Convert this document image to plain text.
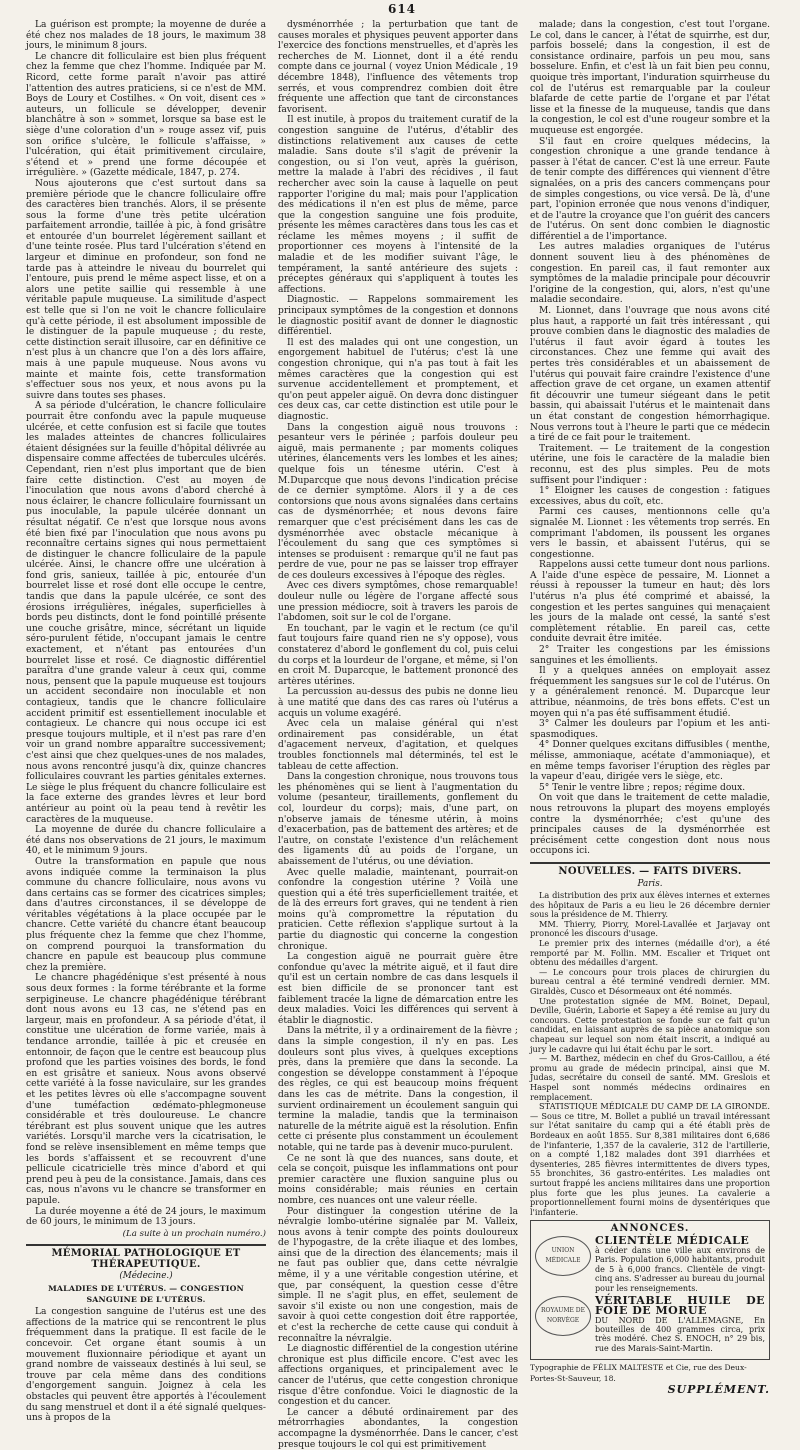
614

La guérison est prompte; la moyenne de durée a été chez nos malades de 18 jours, le maximum 38 jours, le minimum 8 jours.

Le chancre dit folliculaire est bien plus fréquent chez la femme que chez l'homme. Indiquée par M. Ricord, cette forme paraît n'avoir pas attiré l'attention des autres praticiens, si ce n'est de MM. Boys de Loury et Costilhes. « On voit, disent ces » auteurs, un follicule se développer, devenir blanchâtre à son » sommet, lorsque sa base est le siège d'une coloration d'un » rouge assez vif, puis son orifice s'ulcère, le follicule s'affaisse, » l'ulcération, qui était primitivement circulaire, s'étend et » prend une forme découpée et irrégulière. » (Gazette médicale, 1847, p. 274.

Nous ajouterons que c'est surtout dans sa première période que le chancre folliculaire offre des caractères bien tranchés. Alors, il se présente sous la forme d'une très petite ulcération parfaitement arrondie, taillée à pic, à fond grisâtre et entourée d'un bourrelet légèrement saillant et d'une teinte rosée. Plus tard l'ulcération s'étend en largeur et diminue en profondeur, son fond ne tarde pas à atteindre le niveau du bourrelet qui l'entoure, puis prend le même aspect lisse, et on a alors une petite saillie qui ressemble à une véritable papule muqueuse. La similitude d'aspect est telle que si l'on ne voit le chancre folliculaire qu'à cette période, il est absolument impossible de le distinguer de la papule muqueuse ; du reste, cette distinction serait illusoire, car en définitive ce n'est plus à un chancre que l'on a dès lors affaire, mais à une papule muqueuse. Nous avons vu mainte et mainte fois, cette transformation s'effectuer sous nos yeux, et nous avons pu la suivre dans toutes ses phases.

A sa période d'ulcération, le chancre folliculaire pourrait être confondu avec la papule muqueuse ulcérée, et cette confusion est si facile que toutes les malades atteintes de chancres folliculaires étaient désignées sur la feuille d'hôpital délivrée au dispensaire comme affectées de tubercules ulcérés. Cependant, rien n'est plus important que de bien faire cette distinction. C'est au moyen de l'inoculation que nous avons d'abord cherché à nous éclairer, le chancre folliculaire fournissant un pus inoculable, la papule ulcérée donnant un résultat négatif. Ce n'est que lorsque nous avons été bien fixé par l'inoculation que nous avons pu reconnaître certains signes qui nous permettaient de distinguer le chancre folliculaire de la papule ulcérée. Ainsi, le chancre offre une ulcération à fond gris, sanieux, taillée à pic, entourée d'un bourrelet lisse et rosé dont elle occupe le centre, tandis que dans la papule ulcérée, ce sont des érosions irrégulières, inégales, superficielles à bords peu distincts, dont le fond pointillé présente une couche grisâtre, mince, sécrétant un liquide séro-purulent fétide, n'occupant jamais le centre exactement, et n'étant pas entourées d'un bourrelet lisse et rosé. Ce diagnostic différentiel paraîtra d'une grande valeur à ceux qui, comme nous, pensent que la papule muqueuse est toujours un accident secondaire non inoculable et non contagieux, tandis que le chancre folliculaire accident primitif est essentiellement inoculable et contagieux. Le chancre qui nous occupe ici est presque toujours multiple, et il n'est pas rare d'en voir un grand nombre apparaître successivement; c'est ainsi que chez quelques-unes de nos malades, nous avons rencontré jusqu'à dix, quinze chancres folliculaires couvrant les parties génitales externes. Le siège le plus fréquent du chancre folliculaire est la face externe des grandes lèvres et leur bord antérieur au point où la peau tend à revêtir les caractères de la muqueuse.

La moyenne de durée du chancre folliculaire a été dans nos observations de 21 jours, le maximum 40, et le minimum 9 jours.

Outre la transformation en papule que nous avons indiquée comme la terminaison la plus commune du chancre folliculaire, nous avons vu dans certains cas se former des cicatrices simples; dans d'autres circonstances, il se développe de véritables végétations à la place occupée par le chancre. Cette variété du chancre étant beaucoup plus fréquente chez la femme que chez l'homme, on comprend pourquoi la transformation du chancre en papule est beaucoup plus commune chez la première.

Le chancre phagédénique s'est présenté à nous sous deux formes : la forme térébrante et la forme serpigineuse. Le chancre phagédénique térébrant dont nous avons eu 13 cas, ne s'étend pas en largeur, mais en profondeur. A sa période d'état, il constitue une ulcération de forme variée, mais à tendance arrondie, taillée à pic et creusée en entonnoir, de façon que le centre est beaucoup plus profond que les parties voisines des bords, le fond en est grisâtre et sanieux. Nous avons observé cette variété à la fosse naviculaire, sur les grandes et les petites lèvres où elle s'accompagne souvent d'une tuméfaction œdémato-phlegmoneuse considérable et très douloureuse. Le chancre térébrant est plus souvent unique que les autres variétés. Lorsqu'il marche vers la cicatrisation, le fond se relève insensiblement en même temps que les bords s'affaissent et se recouvrent d'une pellicule cicatricielle très mince d'abord et qui prend peu à peu de la consistance. Jamais, dans ces cas, nous n'avons vu le chancre se transformer en papule.

La durée moyenne a été de 24 jours, le maximum de 60 jours, le minimum de 13 jours.

(La suite à un prochain numéro.)
MÉMORIAL PATHOLOGIQUE ET THÉRAPEUTIQUE.
(Médecine.)
MALADIES DE L'UTÉRUS. — CONGESTION SANGUINE DE L'UTÉRUS.

La congestion sanguine de l'utérus est une des affections de la matrice qui se rencontrent le plus fréquemment dans la pratique. Il est facile de le concevoir. Cet organe étant soumis à un mouvement fluxionnaire périodique et ayant un grand nombre de vaisseaux destinés à lui seul, se trouve par cela même dans des conditions d'engorgement sanguin. Joignez à cela les obstacles qui peuvent être apportés à l'écoulement du sang menstruel et dont il a été signalé quelques-uns à propos de la

dysménorrhée ; la perturbation que tant de causes morales et physiques peuvent apporter dans l'exercice des fonctions menstruelles, et d'après les recherches de M. Lionnet, dont il a été rendu compte dans ce journal ( voyez Union Médicale , 19 décembre 1848), l'influence des vêtements trop serrés, et vous comprendrez combien doit être fréquente une affection que tant de circonstances favorisent.

Il est inutile, à propos du traitement curatif de la congestion sanguine de l'utérus, d'établir des distinctions relativement aux causes de cette maladie. Sans doute s'il s'agit de prévenir la congestion, ou si l'on veut, après la guérison, mettre la malade à l'abri des récidives , il faut rechercher avec soin la cause à laquelle on peut rapporter l'origine du mal; mais pour l'application des médications il n'en est plus de même, parce que la congestion sanguine une fois produite, présente les mêmes caractères dans tous les cas et réclame les mêmes moyens ; il suffit de proportionner ces moyens à l'intensité de la maladie et de les modifier suivant l'âge, le tempérament, la santé antérieure des sujets : préceptes généraux qui s'appliquent à toutes les affections.

Diagnostic. — Rappelons sommairement les principaux symptômes de la congestion et donnons le diagnostic positif avant de donner le diagnostic différentiel.

Il est des malades qui ont une congestion, un engorgement habituel de l'utérus; c'est là une congestion chronique, qui n'a pas tout à fait les mêmes caractères que la congestion qui est survenue accidentellement et promptement, et qu'on peut appeler aiguë. On devra donc distinguer ces deux cas, car cette distinction est utile pour le diagnostic.

Dans la congestion aiguë nous trouvons : pesanteur vers le périnée ; parfois douleur peu aiguë, mais permanente ; par moments coliques utérines, élancements vers les lombes et les aines; quelque fois un ténesme utérin. C'est à M.Duparcque que nous devons l'indication précise de ce dernier symptôme. Alors il y a de ces contorsions que nous avons signalées dans certains cas de dysménorrhée; et nous devons faire remarquer que c'est précisément dans les cas de dysménorrhée avec obstacle mécanique à l'écoulement du sang que ces symptômes si intenses se produisent : remarque qu'il ne faut pas perdre de vue, pour ne pas se laisser trop effrayer de ces douleurs excessives à l'époque des règles.

Avec ces divers symptômes, chose remarquable! douleur nulle ou légère de l'organe affecté sous une pression médiocre, soit à travers les parois de l'abdomen, soit sur le col de l'organe.

En touchant, par le vagin et le rectum (ce qu'il faut toujours faire quand rien ne s'y oppose), vous constaterez d'abord le gonflement du col, puis celui du corps et la lourdeur de l'organe, et même, si l'on en croit M. Duparcque, le battement prononcé des artères utérines.

La percussion au-dessus des pubis ne donne lieu à une matité que dans des cas rares où l'utérus a acquis un volume exagéré.

Avec cela un malaise général qui n'est ordinairement pas considérable, un état d'agacement nerveux, d'agitation, et quelques troubles fonctionnels mal déterminés, tel est le tableau de cette affection.

Dans la congestion chronique, nous trouvons tous les phénomènes qui se lient à l'augmentation du volume (pesanteur, tiraillements, gonflement du col, lourdeur du corps); mais, d'une part, on n'observe jamais de ténesme utérin, à moins d'exacerbation, pas de battement des artères; et de l'autre, on constate l'existence d'un relâchement des ligaments dû au poids de l'organe, un abaissement de l'utérus, ou une déviation.

Avec quelle maladie, maintenant, pourrait-on confondre la congestion utérine ? Voilà une question qui a été très superficiellement traitée, et de là des erreurs fort graves, qui ne tendent à rien moins qu'à compromettre la réputation du praticien. Cette réflexion s'applique surtout à la partie du diagnostic qui concerne la congestion chronique.

La congestion aiguë ne pourrait guère être confondue qu'avec la métrite aiguë, et il faut dire qu'il est un certain nombre de cas dans lesquels il est bien difficile de se prononcer tant est faiblement tracée la ligne de démarcation entre les deux maladies. Voici les différences qui servent à établir le diagnostic.

Dans la métrite, il y a ordinairement de la fièvre ; dans la simple congestion, il n'y en pas. Les douleurs sont plus vives, à quelques exceptions près, dans la première que dans la seconde. La congestion se développe constamment à l'époque des règles, ce qui est beaucoup moins fréquent dans les cas de métrite. Dans la congestion, il survient ordinairement un écoulement sanguin qui termine la maladie, tandis que la terminaison naturelle de la métrite aiguë est la résolution. Enfin cette ci présente plus constamment un écoulement notable, qui ne tarde pas à devenir muco-purulent.

Ce ne sont là que des nuances, sans doute, et cela se conçoit, puisque les inflammations ont pour premier caractère une fluxion sanguine plus ou moins considérable; mais réunies en certain nombre, ces nuances ont une valeur réelle.

Pour distinguer la congestion utérine de la névralgie lombo-utérine signalée par M. Valleix, nous avons à tenir compte des points douloureux de l'hypogastre, de la crête iliaque et des lombes, ainsi que de la direction des élancements; mais il ne faut pas oublier que, dans cette névralgie même, il y a une véritable congestion utérine, et que, par conséquent, la question cesse d'être simple. Il ne s'agit plus, en effet, seulement de savoir s'il existe ou non une congestion, mais de savoir à quoi cette congestion doit être rapportée, et c'est la recherche de cette cause qui conduit à reconnaître la névralgie.

Le diagnostic différentiel de la congestion utérine chronique est plus difficile encore. C'est avec les affections organiques, et principalement avec le cancer de l'utérus, que cette congestion chronique risque d'être confondue. Voici le diagnostic de la congestion et du cancer.

Le cancer a débuté ordinairement par des métrorrhagies abondantes, la congestion accompagne la dysménorrhée. Dans le cancer, c'est presque toujours le col qui est primitivement

malade; dans la congestion, c'est tout l'organe. Le col, dans le cancer, à l'état de squirrhe, est dur, parfois bosselé; dans la congestion, il est de consistance ordinaire, parfois un peu mou, sans bosselure. Enfin, et c'est là un fait bien peu connu, quoique très important, l'induration squirrheuse du col de l'utérus est remarquable par la couleur blafarde de cette partie de l'organe et par l'état lisse et la finesse de la muqueuse, tandis que dans la congestion, le col est d'une rougeur sombre et la muqueuse est engorgée.

S'il faut en croire quelques médecins, la congestion chronique a une grande tendance à passer à l'état de cancer. C'est là une erreur. Faute de tenir compte des différences qui viennent d'être signalées, on a pris des cancers commençans pour de simples congestions, ou vice versâ. De là, d'une part, l'opinion erronée que nous venons d'indiquer, et de l'autre la croyance que l'on guérit des cancers de l'utérus. On sent donc combien le diagnostic différentiel a de l'importance.

Les autres maladies organiques de l'utérus donnent souvent lieu à des phénomènes de congestion. En pareil cas, il faut remonter aux symptômes de la maladie principale pour découvrir l'origine de la congestion, qui, alors, n'est qu'une maladie secondaire.

M. Lionnet, dans l'ouvrage que nous avons cité plus haut, a rapporté un fait très intéressant , qui prouve combien dans le diagnostic des maladies de l'utérus il faut avoir égard à toutes les circonstances. Chez une femme qui avait des pertes très considérables et un abaissement de l'utérus qui pouvait faire craindre l'existence d'une affection grave de cet organe, un examen attentif fit découvrir une tumeur siégeant dans le petit bassin, qui abaissait l'utérus et le maintenait dans un état constant de congestion hémorrhagique. Nous verrons tout à l'heure le parti que ce médecin a tiré de ce fait pour le traitement.

Traitement. — Le traitement de la congestion utérine, une fois le caractère de la maladie bien reconnu, est des plus simples. Peu de mots suffisent pour l'indiquer :

1° Eloigner les causes de congestion : fatigues excessives, abus du coït, etc.

Parmi ces causes, mentionnons celle qu'a signalée M. Lionnet : les vêtements trop serrés. En comprimant l'abdomen, ils poussent les organes vers le bassin, et abaissent l'utérus, qui se congestionne.

Rappelons aussi cette tumeur dont nous parlions. A l'aide d'une espèce de pessaire, M. Lionnet a réussi à repousser la tumeur en haut; dès lors l'utérus n'a plus été comprimé et abaissé, la congestion et les pertes sanguines qui menaçaient les jours de la malade ont cessé, la santé s'est complètement rétablie. En pareil cas, cette conduite devrait être imitée.

2° Traiter les congestions par les émissions sanguines et les émollients.

Il y a quelques années on employait assez fréquemment les sangsues sur le col de l'utérus. On y a généralement renoncé. M. Duparcque leur attribue, néanmoins, de très bons effets. C'est un moyen qui n'a pas été suffisamment étudié.

3° Calmer les douleurs par l'opium et les anti-spasmodiques.

4° Donner quelques excitans diffusibles ( menthe, mélisse, ammoniaque, acétate d'ammoniaque), et en même temps favoriser l'éruption des règles par la vapeur d'eau, dirigée vers le siège, etc.

5° Tenir le ventre libre ; repos; régime doux.

On voit que dans le traitement de cette maladie, nous retrouvons la plupart des moyens employés contre la dysménorrhée; c'est qu'une des principales causes de la dysménorrhée est précisément cette congestion dont nous nous occupons ici.

NOUVELLES. — FAITS DIVERS.
Paris.

La distribution des prix aux élèves internes et externes des hôpitaux de Paris a eu lieu le 26 décembre dernier sous la présidence de M. Thierry.

MM. Thierry, Piorry, Morel-Lavallée et Jarjavay ont prononcé les discours d'usage.

Le premier prix des internes (médaille d'or), a été remporté par M. Follin. MM. Escalier et Triquet ont obtenu des médailles d'argent.

— Le concours pour trois places de chirurgien du bureau central a été terminé vendredi dernier. MM. Giraldès, Cusco et Désormeaux ont été nommés.

Une protestation signée de MM. Boinet, Depaul, Deville, Guérin, Laborie et Sapey a été remise au jury du concours. Cette protestation se fonde sur ce fait qu'un candidat, en laissant auprès de sa pièce anatomique son chapeau sur lequel son nom était inscrit, a indiqué au jury le cadavre qui lui était échu par le sort.

— M. Barthez, médecin en chef du Gros-Caillou, a été promu au grade de médecin principal, ainsi que M. Judas, secrétaire du conseil de santé. MM. Greslois et Haspel sont nommés médecins ordinaires en remplacement.

STATISTIQUE MÉDICALE DU CAMP DE LA GIRONDE.— Sous ce titre, M. Bollet a publié un travail intéressant sur l'état sanitaire du camp qui a été établi près de Bordeaux en août 1855. Sur 8,381 militaires dont 6,686 de l'infanterie, 1,357 de la cavalerie, 312 de l'artillerie, on a compté 1,182 malades dont 391 diarrhées et dysenteries, 285 fièvres intermittentes de divers types, 55 bronchites, 36 gastro-entérites. Les maladies ont surtout frappé les anciens militaires dans une proportion plus forte que les plus jeunes. La cavalerie a proportionnellement fourni moins de dysentériques que l'infanterie.

ANNONCES.
UNION MÉDICALE
CLIENTÈLE MÉDICALE
à céder dans une ville aux environs de Paris. Population 6,000 habitants, produit de 5 à 6,000 francs. Clientèle de vingt-cinq ans. S'adresser au bureau du journal pour les renseignements.
ROYAUME DE NORVÈGE
VÉRITABLE HUILE DE FOIE DE MORUE
DU NORD DE L'ALLEMAGNE, En bouteilles de 400 grammes circa, prix très modéré. Chez S. ENOCH, n° 29 bis, rue des Marais-Saint-Martin.
Typographie de FÉLIX MALTESTE et Cie, rue des Deux-Portes-St-Sauveur, 18.
SUPPLÉMENT.
